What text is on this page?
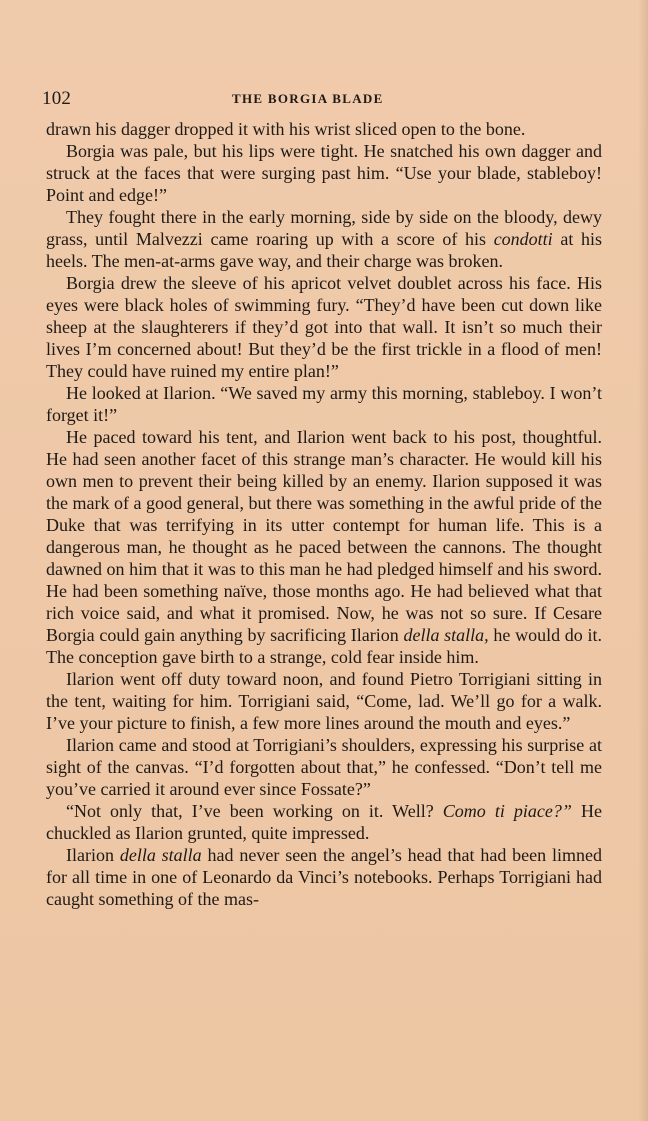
102	THE BORGIA BLADE

drawn his dagger dropped it with his wrist sliced open to the bone.

Borgia was pale, but his lips were tight. He snatched his own dagger and struck at the faces that were surging past him. “Use your blade, stableboy! Point and edge!”

They fought there in the early morning, side by side on the bloody, dewy grass, until Malvezzi came roaring up with a score of his condotti at his heels. The men-at-arms gave way, and their charge was broken.

Borgia drew the sleeve of his apricot velvet doublet across his face. His eyes were black holes of swimming fury. “They’d have been cut down like sheep at the slaughterers if they’d got into that wall. It isn’t so much their lives I’m concerned about! But they’d be the first trickle in a flood of men! They could have ruined my entire plan!”

He looked at Ilarion. “We saved my army this morning, stableboy. I won’t forget it!”

He paced toward his tent, and Ilarion went back to his post, thoughtful. He had seen another facet of this strange man’s character. He would kill his own men to prevent their being killed by an enemy. Ilarion supposed it was the mark of a good general, but there was something in the awful pride of the Duke that was terrifying in its utter contempt for human life. This is a dangerous man, he thought as he paced between the cannons. The thought dawned on him that it was to this man he had pledged himself and his sword. He had been something naïve, those months ago. He had believed what that rich voice said, and what it promised. Now, he was not so sure. If Cesare Borgia could gain anything by sacrificing Ilarion della stalla, he would do it. The conception gave birth to a strange, cold fear inside him.

Ilarion went off duty toward noon, and found Pietro Torrigiani sitting in the tent, waiting for him. Torrigiani said, “Come, lad. We’ll go for a walk. I’ve your picture to finish, a few more lines around the mouth and eyes.”

Ilarion came and stood at Torrigiani’s shoulders, expressing his surprise at sight of the canvas. “I’d forgotten about that,” he confessed. “Don’t tell me you’ve carried it around ever since Fossate?”

“Not only that, I’ve been working on it. Well? Como ti piace?” He chuckled as Ilarion grunted, quite impressed.

Ilarion della stalla had never seen the angel’s head that had been limned for all time in one of Leonardo da Vinci’s notebooks. Perhaps Torrigiani had caught something of the mas-
